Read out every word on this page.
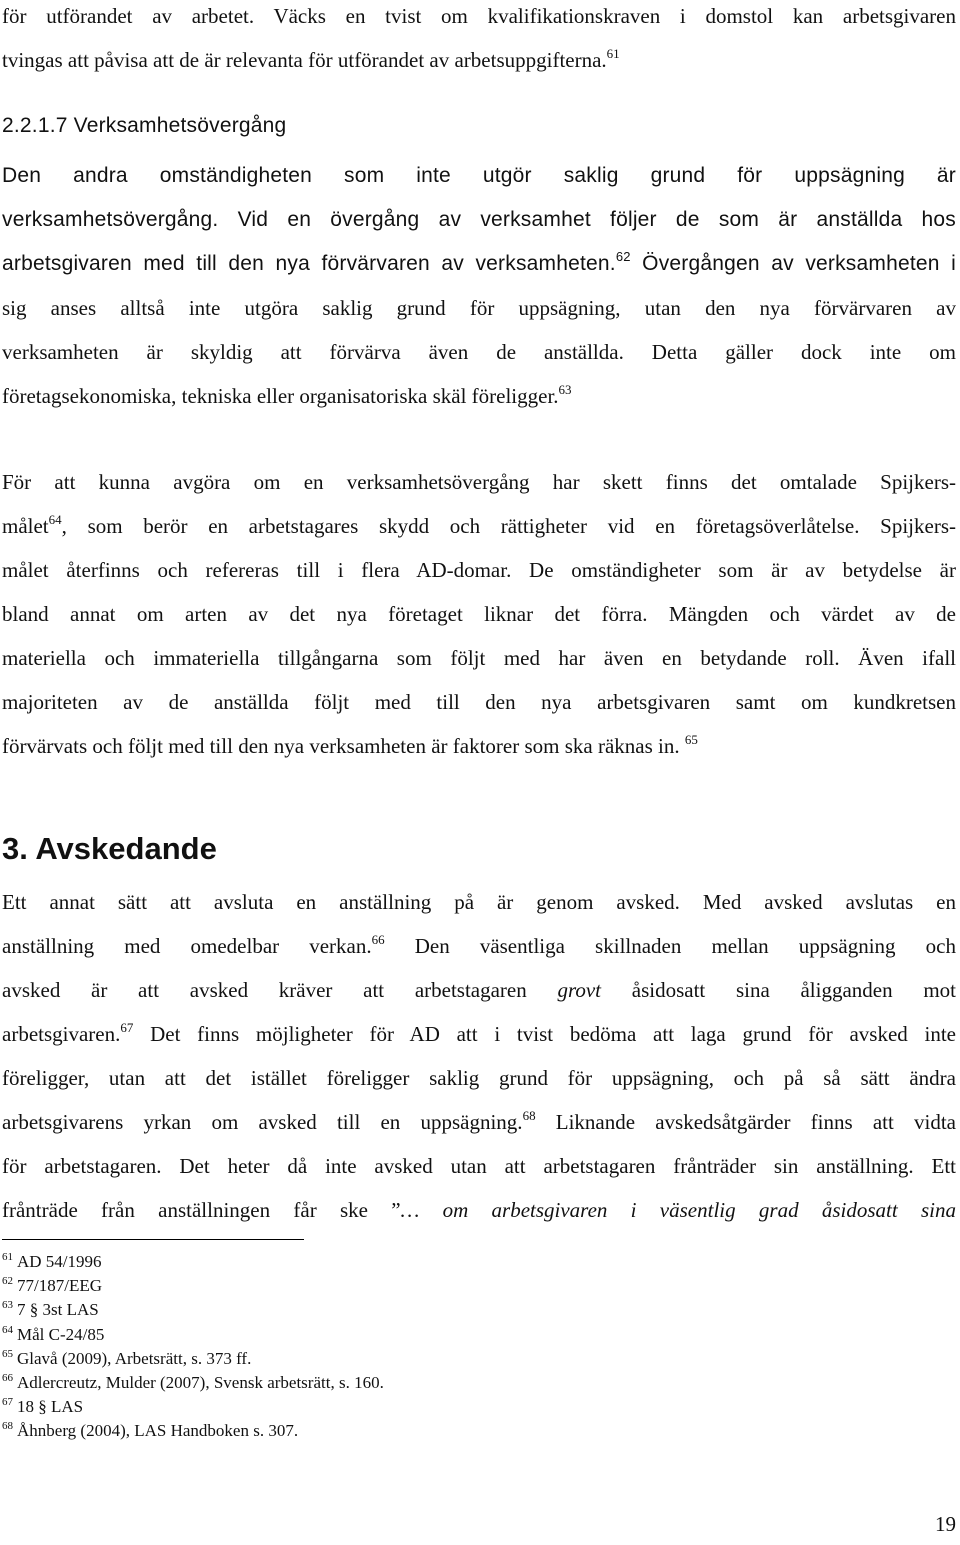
för utförandet av arbetet. Väcks en tvist om kvalifikationskraven i domstol kan arbetsgivaren
tvingas att påvisa att de är relevanta för utförandet av arbetsuppgifterna.$^{61}$
2.2.1.7 Verksamhetsövergång
Den andra omständigheten som inte utgör saklig grund för uppsägning är
verksamhetsövergång. Vid en övergång av verksamhet följer de som är anställda hos
arbetsgivaren med till den nya förvärvaren av verksamheten.$^{62}$ Övergången av verksamheten i
sig anses alltså inte utgöra saklig grund för uppsägning, utan den nya förvärvaren av
verksamheten är skyldig att förvärva även de anställda. Detta gäller dock inte om
företagsekonomiska, tekniska eller organisatoriska skäl föreligger.$^{63}$
För att kunna avgöra om en verksamhetsövergång har skett finns det omtalade Spijkers-
målet$^{64}$, som berör en arbetstagares skydd och rättigheter vid en företagsöverlåtelse. Spijkers-
målet återfinns och refereras till i flera AD-domar. De omständigheter som är av betydelse är
bland annat om arten av det nya företaget liknar det förra. Mängden och värdet av de
materiella och immateriella tillgångarna som följt med har även en betydande roll. Även ifall
majoriteten av de anställda följt med till den nya arbetsgivaren samt om kundkretsen
förvärvats och följt med till den nya verksamheten är faktorer som ska räknas in. $^{65}$
3. Avskedande
Ett annat sätt att avsluta en anställning på är genom avsked. Med avsked avslutas en
anställning med omedelbar verkan.$^{66}$ Den väsentliga skillnaden mellan uppsägning och
avsked är att avsked kräver att arbetstagaren grovt åsidosatt sina åligganden mot
arbetsgivaren.$^{67}$ Det finns möjligheter för AD att i tvist bedöma att laga grund för avsked inte
föreligger, utan att det istället föreligger saklig grund för uppsägning, och på så sätt ändra
arbetsgivarens yrkan om avsked till en uppsägning.$^{68}$ Liknande avskedsåtgärder finns att vidta
för arbetstagaren. Det heter då inte avsked utan att arbetstagaren frånträder sin anställning. Ett
frånträde från anställningen får ske ”… om arbetsgivaren i väsentlig grad åsidosatt sina
$^{61}$ AD 54/1996
$^{62}$ 77/187/EEG
$^{63}$ 7 § 3st LAS
$^{64}$ Mål C-24/85
$^{65}$ Glavå (2009), Arbetsrätt, s. 373 ff.
$^{66}$ Adlercreutz, Mulder (2007), Svensk arbetsrätt, s. 160.
$^{67}$ 18 § LAS
$^{68}$ Åhnberg (2004), LAS Handboken s. 307.
19
